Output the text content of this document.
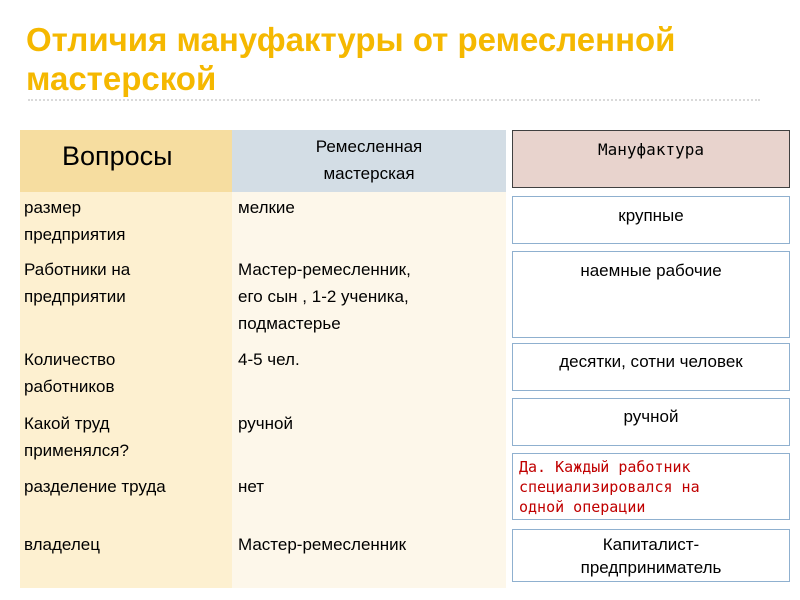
Отличия мануфактуры от ремесленной
мастерской
Вопросы	Ремесленная
мастерская
размер
предприятия
Работники на
предприятии
Количество
работников
Какой труд
применялся?
разделение труда
владелец
мелкие
Мастер-ремесленник,
его сын , 1-2 ученика,
подмастерье
4-5 чел.
ручной
нет
Мастер-ремесленник
Мануфактура
крупные
наемные рабочие
десятки, сотни человек
ручной
Да. Каждый работник
специализировался на
одной операции
Капиталист-
предприниматель
